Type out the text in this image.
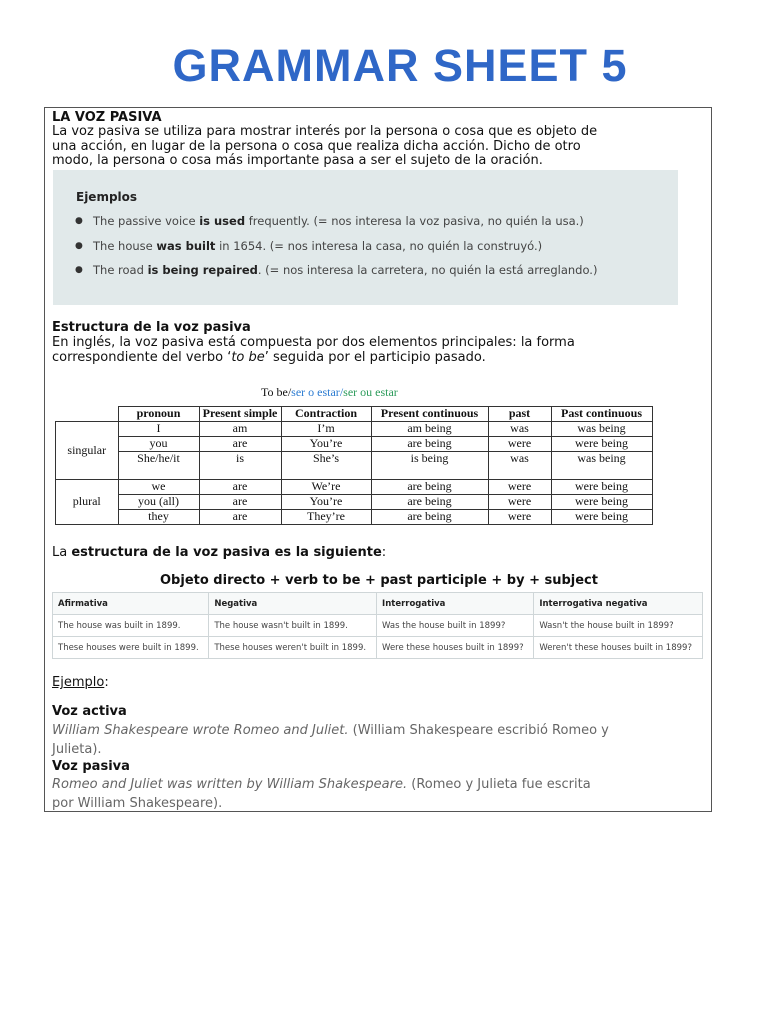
GRAMMAR SHEET 5
LA VOZ PASIVA
La voz pasiva se utiliza para mostrar interés por la persona o cosa que es objeto de
una acción, en lugar de la persona o cosa que realiza dicha acción. Dicho de otro
modo, la persona o cosa más importante pasa a ser el sujeto de la oración.
Ejemplos
● The passive voice is used frequently. (= nos interesa la voz pasiva, no quién la usa.)
● The house was built in 1654. (= nos interesa la casa, no quién la construyó.)
● The road is being repaired. (= nos interesa la carretera, no quién la está arreglando.)
Estructura de la voz pasiva
En inglés, la voz pasiva está compuesta por dos elementos principales: la forma
correspondiente del verbo ‘to be’ seguida por el participio pasado.
To be/ser o estar/ser ou estar
	pronoun	Present simple	Contraction	Present continuous	past	Past continuous
singular	I	am	I’m	am being	was	was being
	you	are	You’re	are being	were	were being
	She/he/it	is	She’s	is being	was	was being
plural	we	are	We’re	are being	were	were being
	you (all)	are	You’re	are being	were	were being
	they	are	They’re	are being	were	were being
La estructura de la voz pasiva es la siguiente:
Objeto directo + verb to be + past participle + by + subject
Afirmativa	Negativa	Interrogativa	Interrogativa negativa
The house was built in 1899.	The house wasn't built in 1899.	Was the house built in 1899?	Wasn't the house built in 1899?
These houses were built in 1899.	These houses weren't built in 1899.	Were these houses built in 1899?	Weren't these houses built in 1899?
Ejemplo:
Voz activa
William Shakespeare wrote Romeo and Juliet. (William Shakespeare escribió Romeo y
Julieta).
Voz pasiva
Romeo and Juliet was written by William Shakespeare. (Romeo y Julieta fue escrita
por William Shakespeare).
